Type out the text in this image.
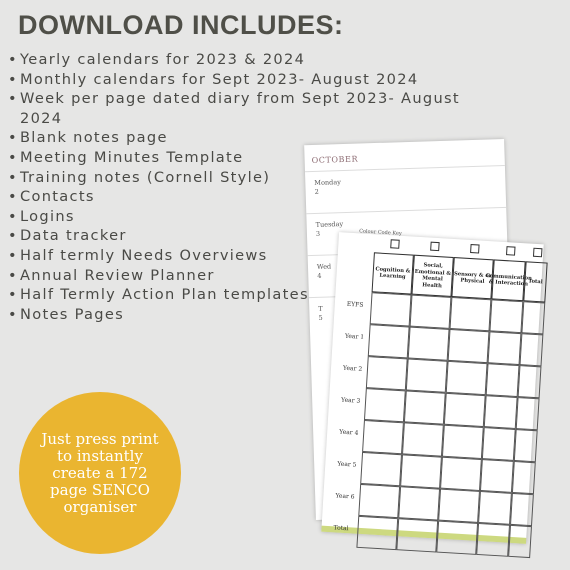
DOWNLOAD INCLUDES:
• Yearly calendars for 2023 & 2024
• Monthly calendars for Sept 2023- August 2024
• Week per page dated diary from Sept 2023- August 2024
• Blank notes page
• Meeting Minutes Template
• Training notes (Cornell Style)
• Contacts
• Logins
• Data tracker
• Half termly Needs Overviews
• Annual Review Planner
• Half Termly Action Plan templates
• Notes Pages
OCTOBER
Monday
2
Tuesday
3
Wed
4
T
5
Colour Code Key
Cognition & Learning
Social, Emotional & Mental Health
Sensory & or Physical Communication & Interaction Total
EYFS
Year 1
Year 2
Year 3
Year 4
Year 5
Year 6
Total
Just press print
to instantly
create a 172
page SENCO
organiser
